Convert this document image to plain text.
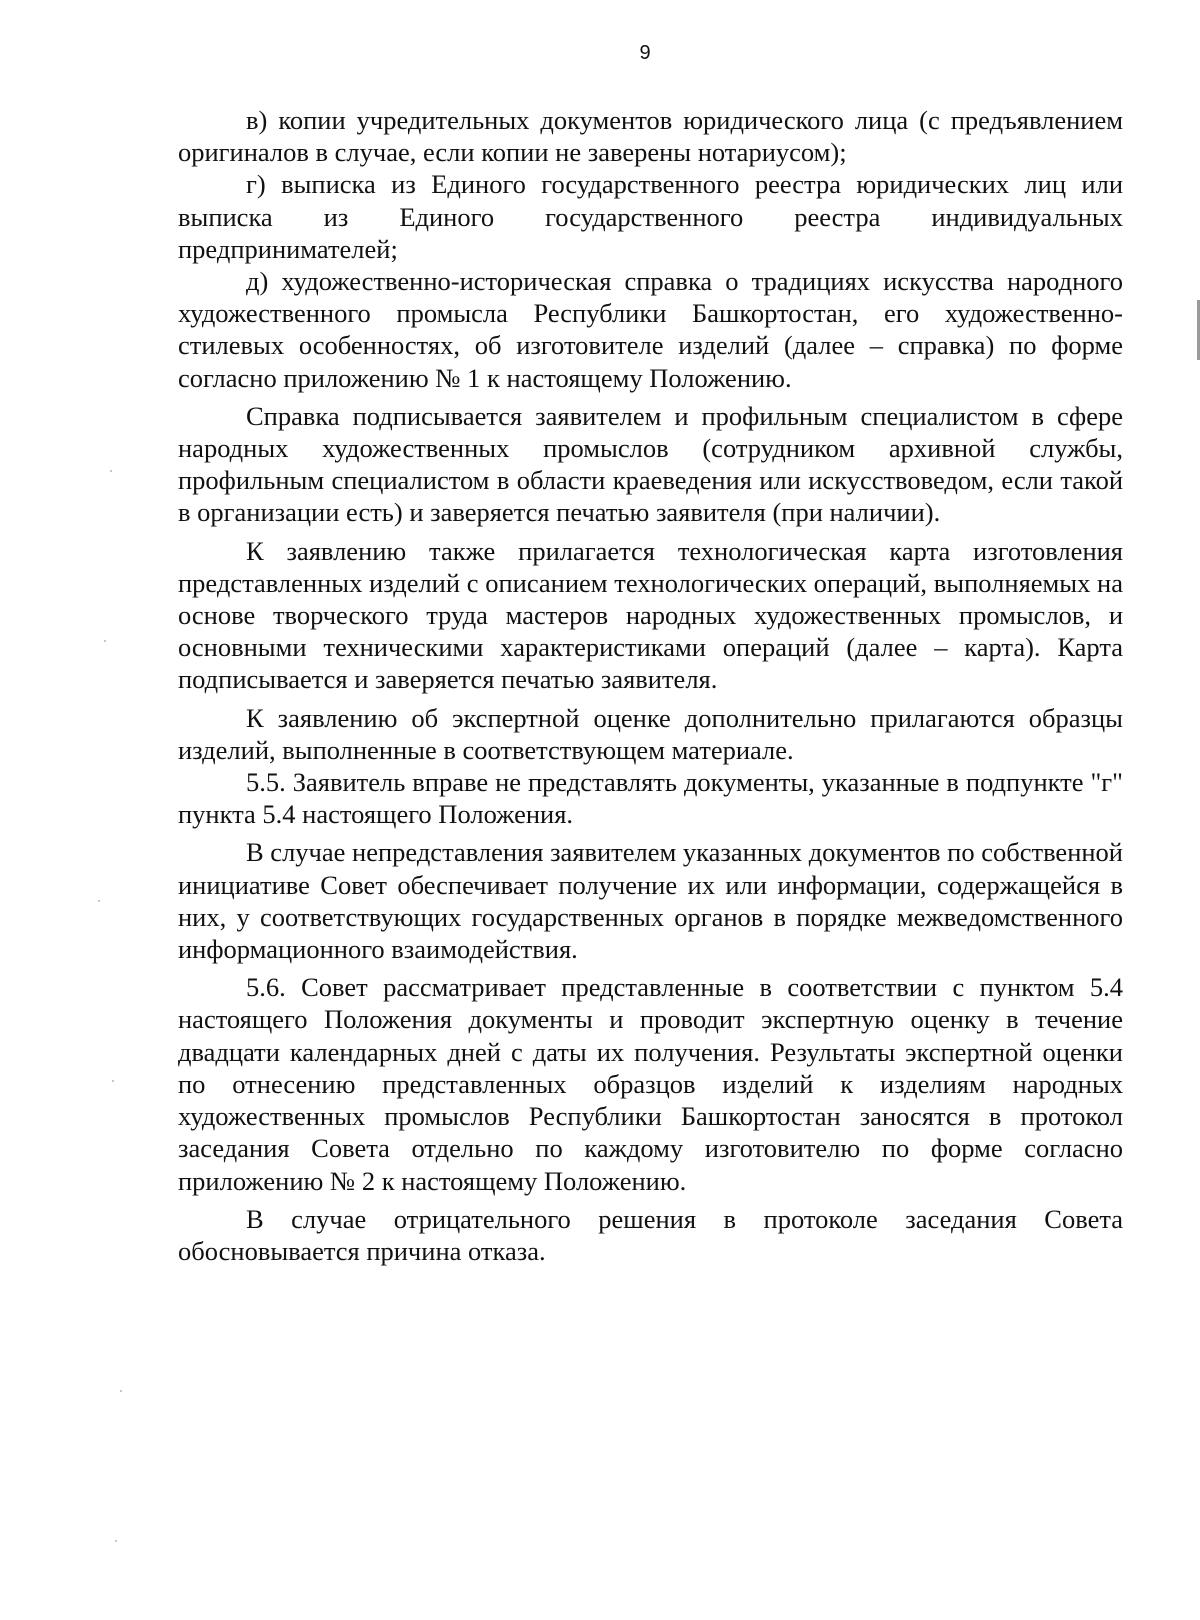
9

в) копии учредительных документов юридического лица (с предъявлением оригиналов в случае, если копии не заверены нотариусом);

г) выписка из Единого государственного реестра юридических лиц или выписка из Единого государственного реестра индивидуальных предпринимателей;

д) художественно-историческая справка о традициях искусства народного художественного промысла Республики Башкортостан, его художественно-стилевых особенностях, об изготовителе изделий (далее – справка) по форме согласно приложению № 1 к настоящему Положению.

Справка подписывается заявителем и профильным специалистом в сфере народных художественных промыслов (сотрудником архивной службы, профильным специалистом в области краеведения или искусствоведом, если такой в организации есть) и заверяется печатью заявителя (при наличии).

К заявлению также прилагается технологическая карта изготовления представленных изделий с описанием технологических операций, выполняемых на основе творческого труда мастеров народных художественных промыслов, и основными техническими характеристиками операций (далее – карта). Карта подписывается и заверяется печатью заявителя.

К заявлению об экспертной оценке дополнительно прилагаются образцы изделий, выполненные в соответствующем материале.

5.5. Заявитель вправе не представлять документы, указанные в подпункте "г" пункта 5.4 настоящего Положения.

В случае непредставления заявителем указанных документов по собственной инициативе Совет обеспечивает получение их или информации, содержащейся в них, у соответствующих государственных органов в порядке межведомственного информационного взаимодействия.

5.6. Совет рассматривает представленные в соответствии с пунктом 5.4 настоящего Положения документы и проводит экспертную оценку в течение двадцати календарных дней с даты их получения. Результаты экспертной оценки по отнесению представленных образцов изделий к изделиям народных художественных промыслов Республики Башкортостан заносятся в протокол заседания Совета отдельно по каждому изготовителю по форме согласно приложению № 2 к настоящему Положению.

В случае отрицательного решения в протоколе заседания Совета обосновывается причина отказа.
